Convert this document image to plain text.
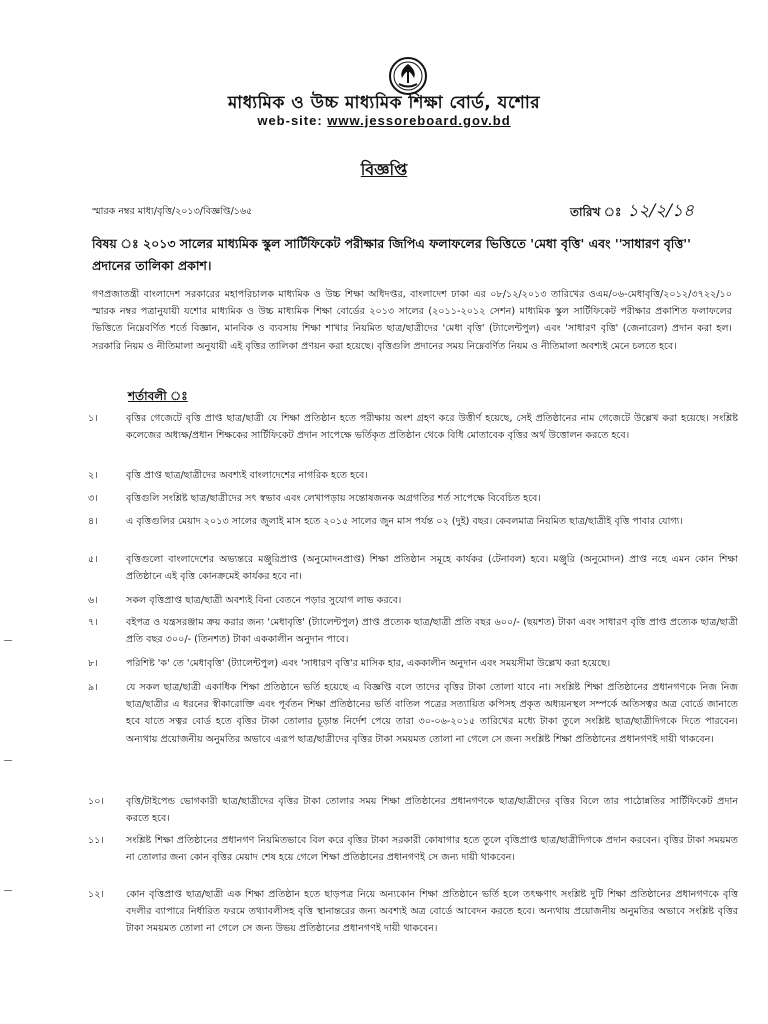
মাধ্যমিক ও উচ্চ মাধ্যমিক শিক্ষা বোর্ড, যশোর
web-site: www.jessoreboard.gov.bd
বিজ্ঞপ্তি
স্মারক নম্বর মাধ্য/বৃত্তি/২০১৩/বিজ্ঞপ্তি/১৬৫	তারিখ ঃ ১২/২/১৪
বিষয় ঃ ২০১৩ সালের মাধ্যমিক স্কুল সার্টিফিকেট পরীক্ষার জিপিএ ফলাফলের ভিত্তিতে 'মেধা বৃত্তি' এবং ''সাধারণ বৃত্তি'' প্রদানের তালিকা প্রকাশ।
গণপ্রজাতন্ত্রী বাংলাদেশ সরকারের মহাপরিচালক মাধ্যমিক ও উচ্চ শিক্ষা অধিদপ্তর, বাংলাদেশ ঢাকা এর ০৮/১২/২০১৩ তারিখের ওএম/০৬-মেধাবৃত্তি/২০১২/৩৭২২/১০ স্মারক নম্বর পত্রানুযায়ী যশোর মাধ্যমিক ও উচ্চ মাধ্যমিক শিক্ষা বোর্ডের ২০১৩ সালের (২০১১-২০১২ সেশন) মাধ্যমিক স্কুল সার্টিফিকেট পরীক্ষার প্রকাশিত ফলাফলের ভিত্তিতে নিম্নেবর্ণিত শর্তে বিজ্ঞান, মানবিক ও ব্যবসায় শিক্ষা শাখার নিয়মিত ছাত্র/ছাত্রীদের 'মেধা বৃত্তি' (ট্যালেন্টপুল) এবং 'সাধারণ বৃত্তি' (জেনারেল) প্রদান করা হল। সরকারি নিয়ম ও নীতিমালা অনুযায়ী এই বৃত্তির তালিকা প্রণয়ন করা হয়েছে। বৃত্তিগুলি প্রদানের সময় নিম্নেবর্ণিত নিয়ম ও নীতিমালা অবশ্যই মেনে চলতে হবে।
শর্তাবলী ঃ
১।	বৃত্তির গেজেটে বৃত্তি প্রাপ্ত ছাত্র/ছাত্রী যে শিক্ষা প্রতিষ্ঠান হতে পরীক্ষায় অংশ গ্রহণ করে উত্তীর্ণ হয়েছে, সেই প্রতিষ্ঠানের নাম গেজেটে উল্লেখ করা হয়েছে। সংশ্লিষ্ট কলেজের অধ্যক্ষ/প্রধান শিক্ষকের সার্টিফিকেট প্রদান সাপেক্ষে ভর্তিকৃত প্রতিষ্ঠান থেকে বিধি মোতাবেক বৃত্তির অর্থ উত্তোলন করতে হবে।
২।	বৃত্তি প্রাপ্ত ছাত্র/ছাত্রীদের অবশ্যই বাংলাদেশের নাগরিক হতে হবে।
৩।	বৃত্তিগুলি সংশ্লিষ্ট ছাত্র/ছাত্রীদের সৎ স্বভাব এবং লেখাপড়ায় সন্তোষজনক অগ্রগতির শর্ত সাপেক্ষে বিবেচিত হবে।
৪।	এ বৃত্তিগুলির মেয়াদ ২০১৩ সালের জুলাই মাস হতে ২০১৫ সালের জুন মাস পর্যন্ত ০২ (দুই) বছর। কেবলমাত্র নিয়মিত ছাত্র/ছাত্রীই বৃত্তি পাবার যোগ্য।
৫।	বৃত্তিগুলো বাংলাদেশের অভ্যন্তরে মঞ্জুরিপ্রাপ্ত (অনুমোদনপ্রাপ্ত) শিক্ষা প্রতিষ্ঠান সমূহে কার্যকর (টেনাবল) হবে। মঞ্জুরি (অনুমোদন) প্রাপ্ত নহে এমন কোন শিক্ষা প্রতিষ্ঠানে এই বৃত্তি কোনক্রমেই কার্যকর হবে না।
৬।	সকল বৃত্তিপ্রাপ্ত ছাত্র/ছাত্রী অবশ্যই বিনা বেতনে পড়ার সুযোগ লাভ করবে।
৭।	বইপত্র ও যন্ত্রসরঞ্জাম ক্রয় করার জন্য 'মেধাবৃত্তি' (ট্যালেন্টপুল) প্রাপ্ত প্রত্যেক ছাত্র/ছাত্রী প্রতি বছর ৬০০/- (ছয়শত) টাকা এবং সাধারণ বৃত্তি প্রাপ্ত প্রত্যেক ছাত্র/ছাত্রী প্রতি বছর ৩০০/- (তিনশত) টাকা এককালীন অনুদান পাবে।
৮।	পরিশিষ্ট 'ক' তে 'মেধাবৃত্তি' (ট্যালেন্টপুল) এবং 'সাধারণ বৃত্তি'র মাসিক হার, এককালীন অনুদান এবং সময়সীমা উল্লেখ করা হয়েছে।
৯।	যে সকল ছাত্র/ছাত্রী একাধিক শিক্ষা প্রতিষ্ঠানে ভর্তি হয়েছে এ বিজ্ঞপ্তি বলে তাদের বৃত্তির টাকা তোলা যাবে না। সংশ্লিষ্ট শিক্ষা প্রতিষ্ঠানের প্রধানগণকে নিজ নিজ ছাত্র/ছাত্রীর এ ধরনের স্বীকারোক্তি এবং পূর্বতন শিক্ষা প্রতিষ্ঠানের ভর্তি বাতিল পত্রের সত্যায়িত কপিসহ প্রকৃত অধ্যয়নস্থল সম্পর্কে অতিসত্বর অত্র বোর্ডে জানাতে হবে যাতে সত্বর বোর্ড হতে বৃত্তির টাকা তোলার চূড়ান্ত নির্দেশ পেয়ে তারা ৩০-০৬-২০১৫ তারিখের মধ্যে টাকা তুলে সংশ্লিষ্ট ছাত্র/ছাত্রীদিগকে দিতে পারবেন। অন্যথায় প্রয়োজনীয় অনুমতির অভাবে এরূপ ছাত্র/ছাত্রীদের বৃত্তির টাকা সময়মত তোলা না গেলে সে জন্য সংশ্লিষ্ট শিক্ষা প্রতিষ্ঠানের প্রধানগণই দায়ী থাকবেন।
১০।	বৃত্তি/টাইপেন্ড ভোগকারী ছাত্র/ছাত্রীদের বৃত্তির টাকা তোলার সময় শিক্ষা প্রতিষ্ঠানের প্রধানগণকে ছাত্র/ছাত্রীদের বৃত্তির বিলে তার পাঠোন্নতির সার্টিফিকেট প্রদান করতে হবে।
১১।	সংশ্লিষ্ট শিক্ষা প্রতিষ্ঠানের প্রধানগণ নিয়মিতভাবে বিল করে বৃত্তির টাকা সরকারী কোষাগার হতে তুলে বৃত্তিপ্রাপ্ত ছাত্র/ছাত্রীদিগকে প্রদান করবেন। বৃত্তির টাকা সময়মত না তোলার জন্য কোন বৃত্তির মেয়াদ শেষ হয়ে গেলে শিক্ষা প্রতিষ্ঠানের প্রধানগণই সে জন্য দায়ী থাকবেন।
১২।	কোন বৃত্তিপ্রাপ্ত ছাত্র/ছাত্রী এক শিক্ষা প্রতিষ্ঠান হতে ছাড়পত্র নিয়ে অন্যকোন শিক্ষা প্রতিষ্ঠানে ভর্তি হলে তৎক্ষণাৎ সংশ্লিষ্ট দুটি শিক্ষা প্রতিষ্ঠানের প্রধানগণকে বৃত্তি বদলীর ব্যাপারে নির্ধারিত ফরমে তথ্যাবলীসহ বৃত্তি স্থানান্তরের জন্য অবশ্যই অত্র বোর্ডে আবেদন করতে হবে। অন্যথায় প্রয়োজনীয় অনুমতির অভাবে সংশ্লিষ্ট বৃত্তির টাকা সময়মত তোলা না গেলে সে জন্য উভয় প্রতিষ্ঠানের প্রধানগণই দায়ী থাকবেন।
